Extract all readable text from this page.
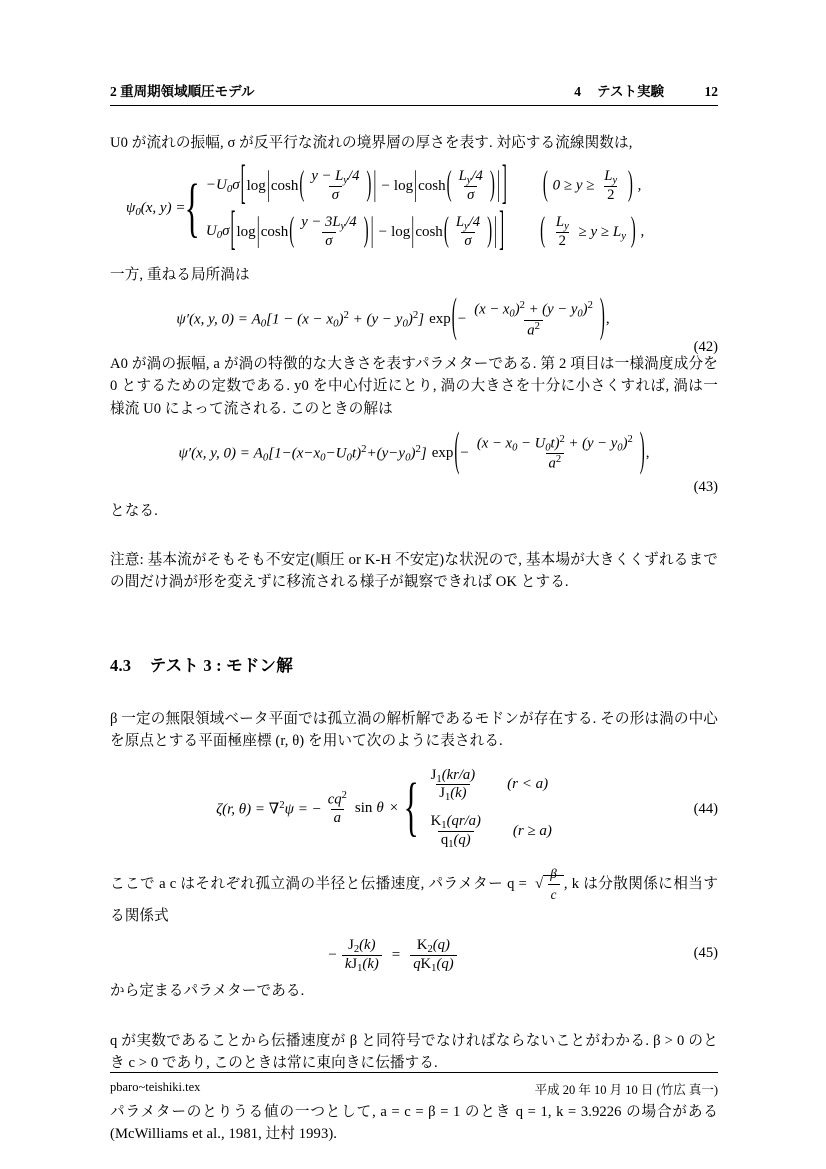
2 重周期領域順圧モデル	4 テスト実験	12

U0 が流れの振幅, σ が反平行な流れの境界層の厚さを表す. 対応する流線関数は,

$\psi_0(x$, y) = { $-U_0\sigma$ [ log | cosh ( $\frac{y - L_y/4}{\sigma}$ ) | − log | cosh ( $\frac{L_y/4}{\sigma}$ ) | ] ( $0 \ge y \ge \frac{L_y}{2}$ ) ,
$U_0\sigma$ [ log | cosh ( $\frac{y - 3L_y/4}{\sigma}$ ) | − log | cosh ( $\frac{L_y/4}{\sigma}$ ) | ] ( $\frac{L_y}{2} \ge y \ge L_y$ ) ,

一方, 重ねる局所渦は

ψ′(x, y, $0) = A_0[1 - (x - x_0)^2 + (y - y_0)^2]$ exp ( − $\frac{(x - x_0)^2 + (y - y_0)^2}{a^2}$ ) ,
(42)

A0 が渦の振幅, a が渦の特徴的な大きさを表すパラメターである. 第 2 項目は一様渦度成分を 0 とするための定数である. y0 を中心付近にとり, 渦の大きさを十分に小さくすれば, 渦は一様流 U0 によって流される. このときの解は

ψ′(x, y, $0) = A_0[1-(x-x_0-U_0t)^2+(y-y_0)^2]$ exp ( − $\frac{(x - x_0 - U_0t)^2 + (y - y_0)^2}{a^2}$ ) ,
(43)

となる.

注意: 基本流がそもそも不安定(順圧 or K-H 不安定)な状況ので, 基本場が大きくくずれるまでの間だけ渦が形を変えずに移流される様子が観察できれば OK とする.

4.3 テスト 3 : モドン解

β 一定の無限領域ベータ平面では孤立渦の解析解であるモドンが存在する. その形は渦の中心を原点とする平面極座標 (r, θ) を用いて次のように表される.

ζ(r, θ) = ∇$^2$ψ = − $\frac{cq^2}{a}$ sin θ × { $\frac{J_1(kr/a)}{J_1(k)} (r < a)$
$\frac{K_1(qr/a)}{q_1(q)} (r \ge a)$
(44)

ここで a c はそれぞれ孤立渦の半径と伝播速度, パラメター q =  √ $\frac{\beta}{c}$ , k は分散関係に相当する関係式

− $\frac{J_2(k)}{kJ_1(k)} = \frac{K_2(q)}{qK_1(q)}$	(45)

から定まるパラメターである.

q が実数であることから伝播速度が β と同符号でなければならないことがわかる. β > 0 のとき c > 0 であり, このときは常に東向きに伝播する.

パラメターのとりうる値の一つとして, a = c = β = 1 のとき q = 1, k = 3.9226 の場合がある (McWilliams et al., 1981, 辻村 1993).

pbaro~teishiki.tex	平成 20 年 10 月 10 日 (竹広 真一)
